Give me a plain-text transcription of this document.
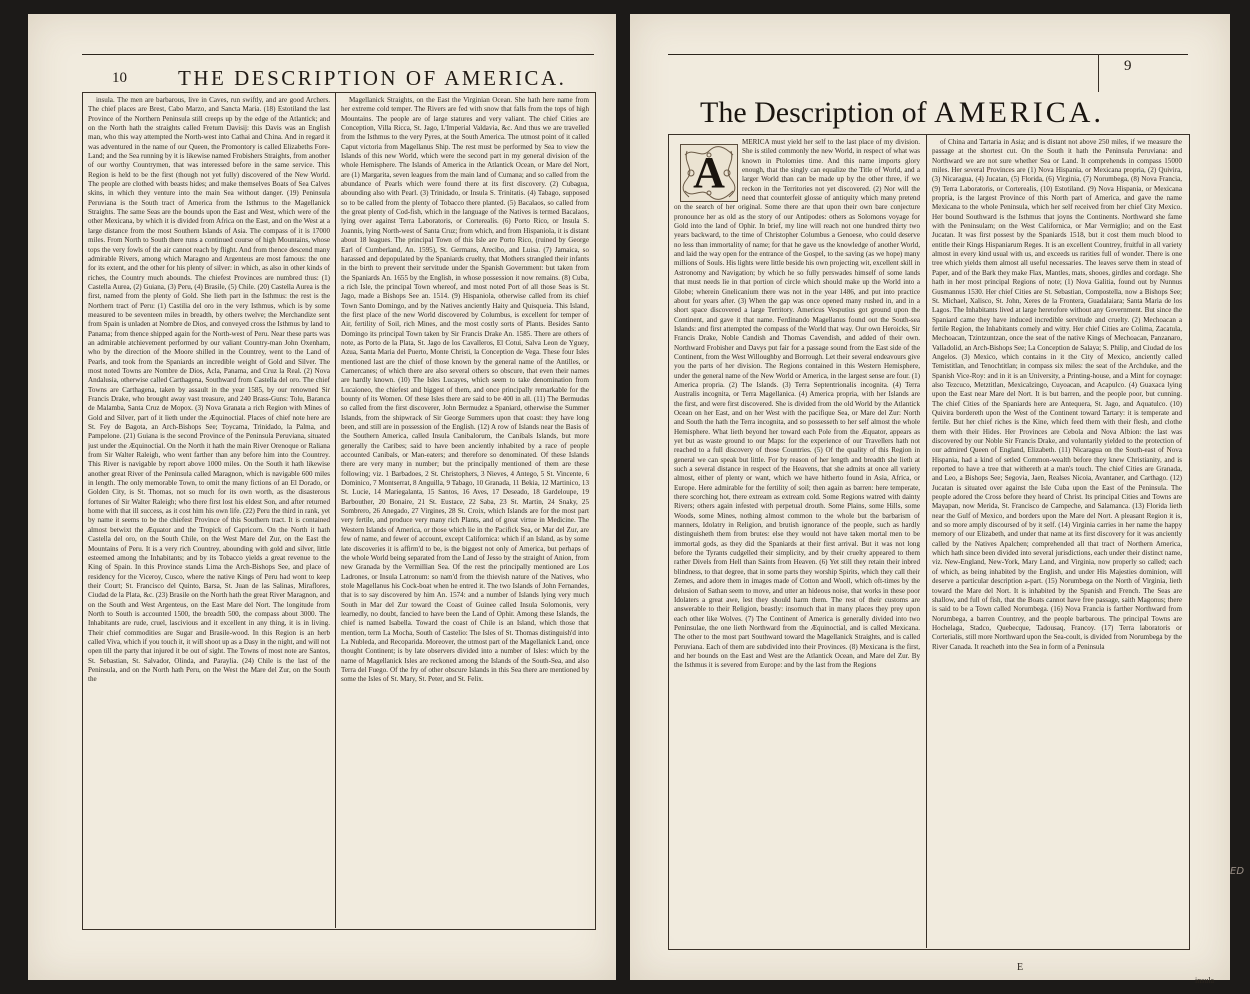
10 THE DESCRIPTION OF AMERICA.

insula. The men are barbarous, live in Caves, run swiftly, and are good Archers. The chief places are Brest, Cabo Marzo, and Sancta Maria. (18) Estotiland the last Province of the Northern Peninsula still creeps up by the edge of the Atlantick; and on the North hath the straights called Fretum Davisij: this Davis was an English man, who this way attempted the North-west into Cathai and China. And in regard it was adventured in the name of our Queen, the Promontory is called Elizabeths Fore-Land; and the Sea running by it is likewise named Frobishers Straights, from another of our worthy Countrymen, that was interessed before in the same service. This Region is held to be the first (though not yet fully) discovered of the New World. The people are clothed with beasts hides; and make themselves Boats of Sea Calves skins, in which they venture into the main Sea without danger. (19) Peninsula Peruviana is the South tract of America from the Isthmus to the Magellanick Straights. The same Seas are the bounds upon the East and West, which were of the other Mexicana, by which it is divided from Africa on the East, and on the West at a large distance from the most Southern Islands of Asia. The compass of it is 17000 miles. From North to South there runs a continued course of high Mountains, whose tops the very fowls of the air cannot reach by flight. And from thence descend many admirable Rivers, among which Maragno and Argenteus are most famous: the one for its extent, and the other for his plenty of silver: in which, as also in other kinds of riches, the Country much abounds. The chiefest Provinces are numbred thus: (1) Castella Aurea, (2) Guiana, (3) Peru, (4) Brasile, (5) Chile. (20) Castella Aurea is the first, named from the plenty of Gold. She lieth part in the Isthmus: the rest is the Northern tract of Peru: (1) Castilia del oro in the very Isthmus, which is by some measured to be seventeen miles in breadth, by others twelve; the Merchandize sent from Spain is unladen at Nombre de Dios, and conveyed cross the Isthmus by land to Panama; from thence shipped again for the North-west of Peru. Near these parts was an admirable atchievement performed by our valiant Country-man John Oxenham, who by the direction of the Moore shilled in the Countrey, went to the Land of Pearls, and took from the Spaniards an incredible weight of Gold and Silver. The most noted Towns are Nombre de Dios, Acla, Panama, and Cruz la Real. (2) Nova Andalusia, otherwise called Carthagena, Southward from Castella del oro. The chief Towns are Carthagena, taken by assault in the year 1585, by our renowned Sir Francis Drake, who brought away vast treasure, and 240 Brass-Guns: Tolu, Baranca de Malamba, Santa Cruz de Mopox. (3) Nova Granata a rich Region with Mines of Gold and Silver, part of it lieth under the Æquinoctial. Places of chief note here are St. Fey de Bagota, an Arch-Bishops See; Toycama, Trinidado, la Palma, and Pampelone. (21) Guiana is the second Province of the Peninsula Peruviana, situated just under the Æquinoctial. On the North it hath the main River Orenoque or Raliana from Sir Walter Raleigh, who went farther than any before him into the Countrey. This River is navigable by report above 1000 miles. On the South it hath likewise another great River of the Peninsula called Maragnon, which is navigable 600 miles in length. The only memorable Town, to omit the many fictions of an El Dorado, or Golden City, is St. Thomas, not so much for its own worth, as the disasterous fortunes of Sir Walter Raleigh; who there first lost his eldest Son, and after returned home with that ill success, as it cost him his own life. (22) Peru the third in rank, yet by name it seems to be the chiefest Province of this Southern tract. It is contained almost betwixt the Æquator and the Tropick of Capricorn. On the North it hath Castella del oro, on the South Chile, on the West Mare del Zur, on the East the Mountains of Peru. It is a very rich Countrey, abounding with gold and silver, little esteemed among the Inhabitants; and by its Tobacco yields a great revenue to the King of Spain. In this Province stands Lima the Arch-Bishops See, and place of residency for the Viceroy, Cusco, where the native Kings of Peru had wont to keep their Court; St. Francisco del Quinto, Barsa, St. Juan de las Salinas, Miraflores, Ciudad de la Plata, &c. (23) Brasile on the North hath the great River Maragnon, and on the South and West Argenteus, on the East Mare del Nort. The longitude from North to South is accounted 1500, the breadth 500, the compass about 3000. The Inhabitants are rude, cruel, lascivious and it excellent in any thing, it is in living. Their chief commodities are Sugar and Brasile-wood. In this Region is an herb called Viva, which if you touch it, it will shoot up as a Dasy in the night, and will not open till the party that injured it be out of sight. The Towns of most note are Santos, St. Sebastian, St. Salvador, Olinda, and Paraylia. (24) Chile is the last of the Peninsula, and on the North hath Peru, on the West the Mare del Zur, on the South the

Magellanick Straights, on the East the Virginian Ocean. She hath here name from her extreme cold temper. The Rivers are fed with snow that falls from the tops of high Mountains. The people are of large statures and very valiant. The chief Cities are Conception, Villa Ricca, St. Jago, L'Imperial Valdavia, &c. And thus we are travelled from the Isthmus to the very Pyres, at the South America. The utmost point of it called Caput victoria from Magellanus Ship. The rest must be performed by Sea to view the Islands of this new World, which were the second part in my general division of the whole Hemisphere. The Islands of America in the Atlantick Ocean, or Mare del Nort, are (1) Margarita, seven leagues from the main land of Cumana; and so called from the abundance of Pearls which were found there at its first discovery. (2) Cubagua, abounding also with Pearl. (3) Trinidado, or Insula S. Trinitatis. (4) Tabago, supposed so to be called from the plenty of Tobacco there planted. (5) Bacalaos, so called from the great plenty of Cod-fish, which in the language of the Natives is termed Bacalaos, lying over against Terra Laboratoris, or Corterealis. (6) Porto Rico, or Insula S. Joannis, lying North-west of Santa Cruz; from which, and from Hispaniola, it is distant about 18 leagues. The principal Town of this Isle are Porto Rico, (ruined by George Earl of Cumberland, An. 1595), St. Germans, Arecibo, and Luisa. (7) Jamaica, so harassed and depopulated by the Spaniards cruelty, that Mothers strangled their infants in the birth to prevent their servitude under the Spanish Government: but taken from the Spaniards An. 1655 by the English, in whose possession it now remains. (8) Cuba, a rich Isle, the principal Town whereof, and most noted Port of all those Seas is St. Jago, made a Bishops See an. 1514. (9) Hispaniola, otherwise called from its chief Town Santo Domingo, and by the Natives anciently Haity and Quisqueia. This Island, the first place of the new World discovered by Columbus, is excellent for temper of Air, fertility of Soil, rich Mines, and the most costly sorts of Plants. Besides Santo Domingo its principal Town taken by Sir Francis Drake An. 1585. There are others of note, as Porto de la Plata, St. Jago de los Cavalleros, El Cotui, Salva Leon de Yguey, Azua, Santa Maria del Puerto, Monte Christi, la Conception de Vega. These four Isles mentioned last are the chief of those known by the general name of the Antilles, or Camercanes; of which there are also several others so obscure, that even their names are hardly known. (10) The Isles Lucayes, which seem to take denomination from Lucaioneo, the chiefest and biggest of them, and once principally remarkable for the bounty of its Women. Of these Isles there are said to be 400 in all. (11) The Bermudas so called from the first discoverer, John Bermudez a Spaniard, otherwise the Summer Islands, from the shipwrack of Sir George Summers upon that coast: they have long been, and still are in possession of the English. (12) A row of Islands near the Basis of the Southern America, called Insula Canibalorum, the Canibals Islands, but more generally the Caribes; said to have been anciently inhabited by a race of people accounted Canibals, or Man-eaters; and therefore so denominated. Of these Islands there are very many in number; but the principally mentioned of them are these following; viz. 1 Barbadoes, 2 St. Christophers, 3 Nieves, 4 Antego, 5 St. Vincente, 6 Dominico, 7 Montserrat, 8 Anguilla, 9 Tabago, 10 Granada, 11 Bekia, 12 Martinico, 13 St. Lucie, 14 Mariegalanta, 15 Santos, 16 Aves, 17 Deseado, 18 Gardeloupe, 19 Barbouther, 20 Bonaire, 21 St. Eustace, 22 Saba, 23 St. Martin, 24 Snaky, 25 Sombrero, 26 Anegado, 27 Virgines, 28 St. Croix, which Islands are for the most part very fertile, and produce very many rich Plants, and of great virtue in Medicine. The Western Islands of America, or those which lie in the Pacifick Sea, or Mar del Zur, are few of name, and fewer of account, except Californica: which if an Island, as by some late discoveries it is affirm'd to be, is the biggest not only of America, but perhaps of the whole World being separated from the Land of Jesso by the straight of Anion, from new Granada by the Vermillian Sea. Of the rest the principally mentioned are Los Ladrones, or Insula Latronum: so nam'd from the thievish nature of the Natives, who stole Magellanus his Cock-boat when he entred it. The two Islands of John Fernandes, that is to say discovered by him An. 1574: and a number of Islands lying very much South in Mar del Zur toward the Coast of Guinee called Insula Solomonis, very learnedly, no doubt, fancied to have been the Land of Ophir. Among these Islands, the chief is named Isabella. Toward the coast of Chile is an Island, which those that mention, term La Mocha, South of Castelio: The Isles of St. Thomas distinguish'd into La Nubleda, and Recoparida. Moreover, the utmost part of the Magellanick Land, once thought Continent; is by late observers divided into a number of Isles: which by the name of Magellanick Isles are reckoned among the Islands of the South-Sea, and also Terra del Fuego. Of the fry of other obscure Islands in this Sea there are mentioned by some the Isles of St. Mary, St. Peter, and St. Felix.

9
The Description of AMERICA.
A

MERICA must yield her self to the last place of my division. She is stiled commonly the new World, in respect of what was known in Ptolomies time. And this name imports glory enough, that the singly can equalize the Title of World, and a larger World than can be made up by the other three, if we reckon in the Territories not yet discovered. (2) Nor will the need that counterfeit glosse of antiquity which many pretend on the search of her original. Some there are that upon their own bare conjecture pronounce her as old as the story of our Antipodes: others as Solomons voyage for Gold into the land of Ophir. In brief, my line will reach not one hundred thirty two years backward, to the time of Christopher Columbus a Genoese, who could deserve no less than immortality of name; for that he gave us the knowledge of another World, and laid the way open for the entrance of the Gospel, to the saving (as we hope) many millions of Souls. His lights were little beside his own projecting wit, excellent skill in Astronomy and Navigation; by which he so fully perswades himself of some lands that must needs lie in that portion of circle which should make up the World into a Globe; wherein Gnelicanium there was not in the year 1486, and put into practice about for years after. (3) When the gap was once opened many rushed in, and in a short space discovered a large Territory. Americus Vesputius got ground upon the Continent, and gave it that name. Ferdinando Magellanus found out the South-sea Islands: and first attempted the compass of the World that way. Our own Heroicks, Sir Francis Drake, Noble Candish and Thomas Cavendish, and added of their own. Northward Frobisher and Davys put fair for a passage sound from the East side of the Continent, from the West Willoughby and Borrough. Let their several endeavours give you the parts of her division. The Regions contained in this Western Hemisphere, under the general name of the New World or America, in the largest sense are four. (1) America propria. (2) The Islands. (3) Terra Septentrionalis incognita. (4) Terra Australis incognita, or Terra Magellanica. (4) America propria, with her Islands are the first, and were first discovered. She is divided from the old World by the Atlantick Ocean on her East, and on her West with the pacifique Sea, or Mare del Zur: North and South the hath the Terra incognita, and so possesseth to her self almost the whole Hemisphere. What lieth beyond her toward each Pole from the Æquator, appears as yet but as waste ground to our Maps: for the experience of our Travellers hath not reached to a full discovery of those Countries. (5) Of the quality of this Region in general we can speak but little. For by reason of her length and breadth she lieth at such a several distance in respect of the Heavens, that she admits at once all variety almost, either of plenty or want, which we have hitherto found in Asia, Africa, or Europe. Here admirable for the fertility of soil; then again as barren: here temperate, there scorching hot, there extream as extream cold. Some Regions watred with dainty Rivers; others again infested with perpetual drouth. Some Plains, some Hills, some Woods, some Mines, nothing almost common to the whole but the barbarism of manners, Idolatry in Religion, and brutish ignorance of the people, such as hardly distinguisheth them from brutes: else they would not have taken mortal men to be immortal gods, as they did the Spaniards at their first arrival. But it was not long before the Tyrants cudgelled their simplicity, and by their cruelty appeared to them rather Divels from Hell than Saints from Heaven. (6) Yet still they retain their inbred blindness, to that degree, that in some parts they worship Spirits, which they call their Zemes, and adore them in images made of Cotton and Wooll, which oft-times by the delusion of Sathan seem to move, and utter an hideous noise, that works in these poor Idolaters a great awe, lest they should harm them. The rest of their customs are answerable to their Religion, beastly: insomuch that in many places they prey upon each other like Wolves. (7) The Continent of America is generally divided into two Peninsulae, the one lieth Northward from the Æquinoctial, and is called Mexicana. The other to the most part Southward toward the Magellanick Straights, and is called Peruviana. Each of them are subdivided into their Provinces. (8) Mexicana is the first, and her bounds on the East and West are the Atlantick Ocean, and Mare del Zur. By the Isthmus it is severed from Europe: and by the last from the Regions

of China and Tartaria in Asia; and is distant not above 250 miles, if we measure the passage at the shortest cut. On the South it hath the Peninsula Peruviana: and Northward we are not sure whether Sea or Land. It comprehends in compass 15000 miles. Her several Provinces are (1) Nova Hispania, or Mexicana propria, (2) Quivira, (3) Nicaragua, (4) Jucatan, (5) Florida, (6) Virginia, (7) Norumbega, (8) Nova Francia, (9) Terra Laboratoris, or Corterealis, (10) Estotiland. (9) Nova Hispania, or Mexicana propria, is the largest Province of this North part of America, and gave the name Mexicana to the whole Peninsula, which her self received from her chief City Mexico. Her bound Southward is the Isthmus that joyns the Continents. Northward she fame with the Peninsulam; on the West Californica, or Mar Vermiglio; and on the East Jucatan. It was first possest by the Spaniards 1518, but it cost them much blood to entitle their Kings Hispaniarum Reges. It is an excellent Countrey, fruitful in all variety almost in every kind usual with us, and exceeds us rarities full of wonder. There is one tree which yields them almost all useful necessaries. The leaves serve them in stead of Paper, and of the Bark they make Flax, Mantles, mats, shooes, girdles and cordage. She hath in her most principal Regions of note; (1) Nova Galitia, found out by Nunnus Gusmannus 1530. Her chief Cities are St. Sebastian, Compostella, now a Bishops See; St. Michael, Xalisco, St. John, Xeres de la Frontera, Guadalaiara; Santa Maria de los Lagos. The Inhabitants lived at large heretofore without any Government. But since the Spaniard came they have induced incredible servitude and cruelty. (2) Mechoacan a fertile Region, the Inhabitants comely and witty. Her chief Cities are Colima, Zacatula, Mechoacan, Tzintzuntzan, once the seat of the native Kings of Mechoacan, Panzanaro, Valladolid, an Arch-Bishops See; La Conception de Salaya; S. Philip, and Ciudad de los Angelos. (3) Mexico, which contains in it the City of Mexico, anciently called Temistitlan, and Tenochtitlan; in compass six miles: the seat of the Archduke, and the Spanish Vice-Roy: and in it is an University, a Printing-house, and a Mint for coynage: also Tezcuco, Metztitlan, Mexicalzingo, Cuyoacan, and Acapulco. (4) Guaxaca lying upon the East near Mare del Nort. It is but barren, and the people poor, but cunning. The chief Cities of the Spaniards here are Antequera, St. Jago, and Aquatulco. (10) Quivira bordereth upon the West of the Continent toward Tartary: it is temperate and fertile. But her chief riches is the Kine, which feed them with their flesh, and clothe them with their Hides. Her Provinces are Cebola and Nova Albion: the last was discovered by our Noble Sir Francis Drake, and voluntarily yielded to the protection of our admired Queen of England, Elizabeth. (11) Nicaragua on the South-east of Nova Hispania, had a kind of setled Common-wealth before they knew Christianity, and is reported to have a tree that withereth at a man's touch. The chief Cities are Granada, and Leo, a Bishops See; Segovia, Jaen, Realses Nicoia, Avantaner, and Carthago. (12) Jucatan is situated over against the Isle Cuba upon the East of the Peninsula. The people adored the Cross before they heard of Christ. Its principal Cities and Towns are Mayapan, now Merida, St. Francisco de Campeche, and Salamanca. (13) Florida lieth near the Gulf of Mexico, and borders upon the Mare del Nort. A pleasant Region it is, and so more amply discoursed of by it self. (14) Virginia carries in her name the happy memory of our Elizabeth, and under that name at its first discovery for it was anciently called by the Natives Apalchen; comprehended all that tract of Northern America, which hath since been divided into several jurisdictions, each under their distinct name, viz. New-England, New-York, Mary Land, and Virginia, now properly so called; each of which, as being inhabited by the English, and under His Majesties dominion, will deserve a particular description a-part. (15) Norumbega on the North of Virginia, lieth toward the Mare del Nort. It is inhabited by the Spanish and French. The Seas are shallow, and full of fish, that the Boats cannot have free passage, saith Magonus; there is said to be a Town called Norumbega. (16) Nova Francia is farther Northward from Norumbega, a barren Countrey, and the people barbarous. The principal Towns are Hochelaga, Stadco, Quebecque, Tadousaq, Francoy. (17) Terra laboratoris or Corterialis, still more Northward upon the Sea-coult, is divided from Norumbega by the River Canada. It reacheth into the Sea in form of a Peninsula

E
insula
ED
